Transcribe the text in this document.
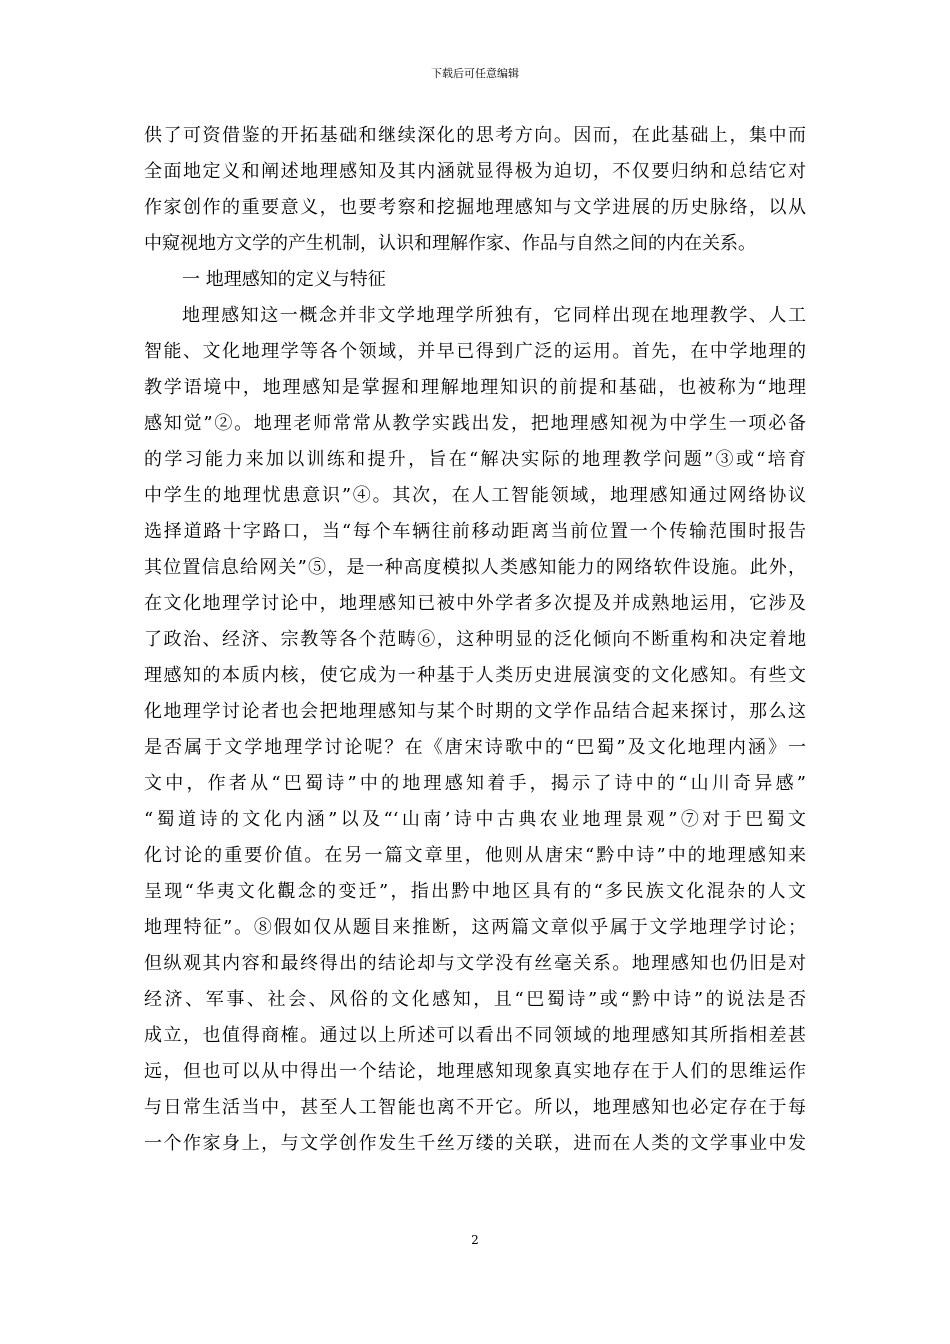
下载后可任意编辑
供了可资借鉴的开拓基础和继续深化的思考方向。因而，在此基础上，集中而
全面地定义和阐述地理感知及其内涵就显得极为迫切，不仅要归纳和总结它对
作家创作的重要意义，也要考察和挖掘地理感知与文学进展的历史脉络，以从
中窥视地方文学的产生机制，认识和理解作家、作品与自然之间的内在关系。
一 地理感知的定义与特征
地理感知这一概念并非文学地理学所独有，它同样出现在地理教学、人工
智能、文化地理学等各个领域，并早已得到广泛的运用。首先，在中学地理的
教学语境中，地理感知是掌握和理解地理知识的前提和基础，也被称为“地理
感知觉”②。地理老师常常从教学实践出发，把地理感知视为中学生一项必备
的学习能力来加以训练和提升，旨在“解决实际的地理教学问题”③或“培育
中学生的地理忧患意识”④。其次，在人工智能领域，地理感知通过网络协议
选择道路十字路口，当“每个车辆往前移动距离当前位置一个传输范围时报告
其位置信息给网关”⑤，是一种高度模拟人类感知能力的网络软件设施。此外，
在文化地理学讨论中，地理感知已被中外学者多次提及并成熟地运用，它涉及
了政治、经济、宗教等各个范畴⑥，这种明显的泛化倾向不断重构和决定着地
理感知的本质内核，使它成为一种基于人类历史进展演变的文化感知。有些文
化地理学讨论者也会把地理感知与某个时期的文学作品结合起来探讨，那么这
是否属于文学地理学讨论呢？在《唐宋诗歌中的“巴蜀”及文化地理内涵》一
文中，作者从“巴蜀诗”中的地理感知着手，揭示了诗中的“山川奇异感”
“蜀道诗的文化内涵”以及“‘山南’诗中古典农业地理景观”⑦对于巴蜀文
化讨论的重要价值。在另一篇文章里，他则从唐宋“黔中诗”中的地理感知来
呈现“华夷文化觀念的变迁”，指出黔中地区具有的“多民族文化混杂的人文
地理特征”。⑧假如仅从题目来推断，这两篇文章似乎属于文学地理学讨论；
但纵观其内容和最终得出的结论却与文学没有丝毫关系。地理感知也仍旧是对
经济、军事、社会、风俗的文化感知，且“巴蜀诗”或“黔中诗”的说法是否
成立，也值得商榷。通过以上所述可以看出不同领域的地理感知其所指相差甚
远，但也可以从中得出一个结论，地理感知现象真实地存在于人们的思维运作
与日常生活当中，甚至人工智能也离不开它。所以，地理感知也必定存在于每
一个作家身上，与文学创作发生千丝万缕的关联，进而在人类的文学事业中发
2
